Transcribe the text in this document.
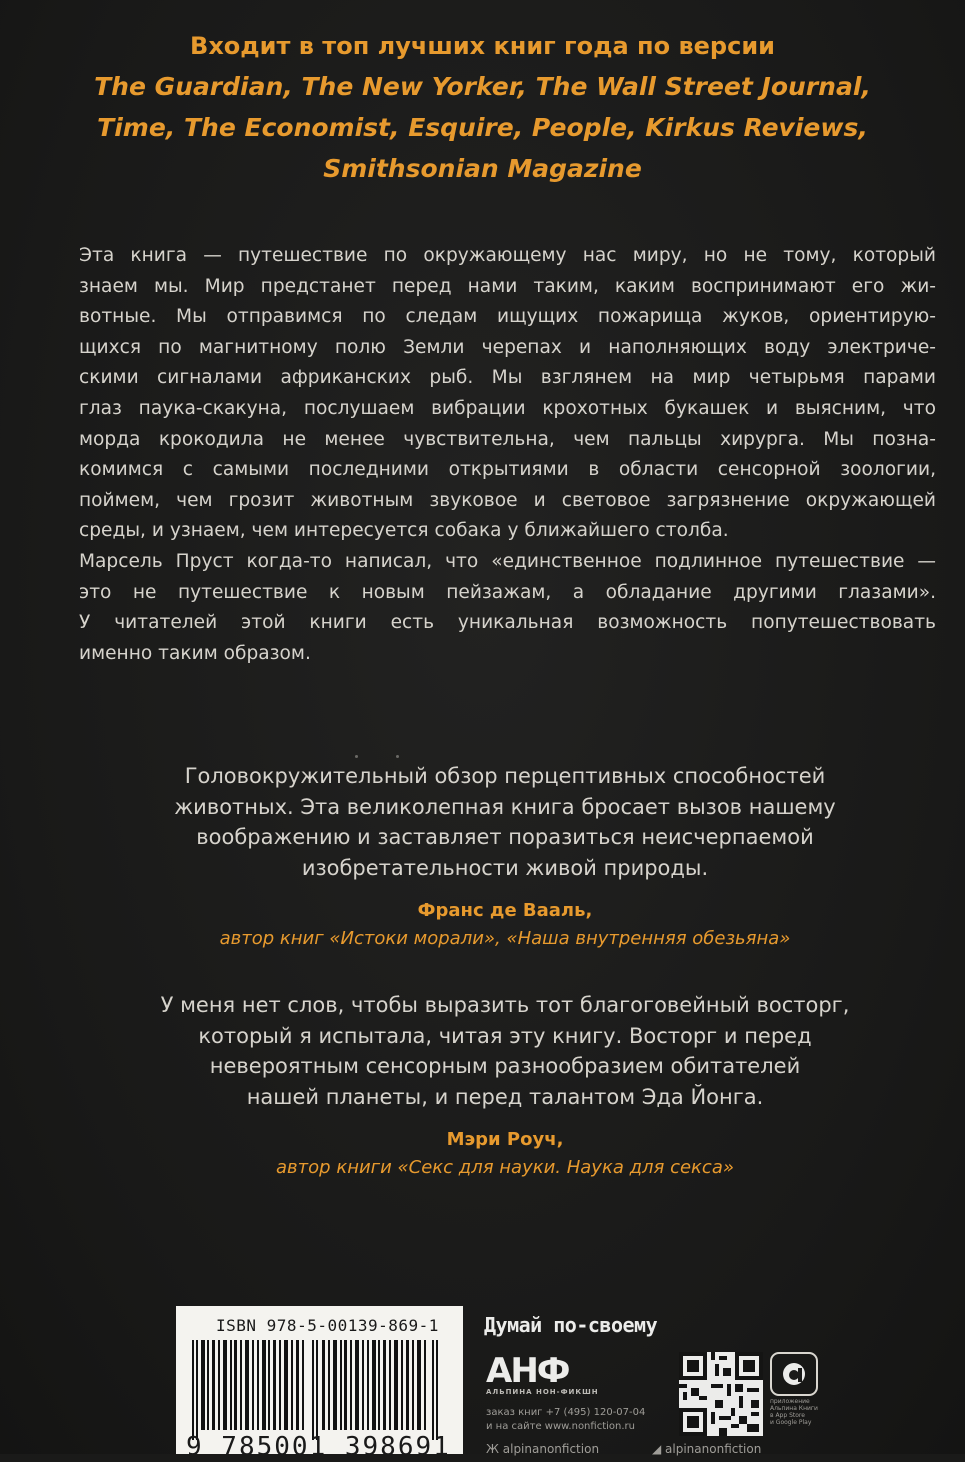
Входит в топ лучших книг года по версии
The Guardian, The New Yorker, The Wall Street Journal,
Time, The Economist, Esquire, People, Kirkus Reviews,
Smithsonian Magazine
Эта книга — путешествие по окружающему нас миру, но не тому, который
знаем мы. Мир предстанет перед нами таким, каким воспринимают его жи-
вотные. Мы отправимся по следам ищущих пожарища жуков, ориентирую-
щихся по магнитному полю Земли черепах и наполняющих воду электриче-
скими сигналами африканских рыб. Мы взглянем на мир четырьмя парами
глаз паука-скакуна, послушаем вибрации крохотных букашек и выясним, что
морда крокодила не менее чувствительна, чем пальцы хирурга. Мы позна-
комимся с самыми последними открытиями в области сенсорной зоологии,
поймем, чем грозит животным звуковое и световое загрязнение окружающей
среды, и узнаем, чем интересуется собака у ближайшего столба.
Марсель Пруст когда-то написал, что «единственное подлинное путешествие —
это не путешествие к новым пейзажам, а обладание другими глазами».
У читателей этой книги есть уникальная возможность попутешествовать
именно таким образом.
Головокружительный обзор перцептивных способностей
животных. Эта великолепная книга бросает вызов нашему
воображению и заставляет поразиться неисчерпаемой
изобретательности живой природы.
Франс де Вааль,
автор книг «Истоки морали», «Наша внутренняя обезьяна»
У меня нет слов, чтобы выразить тот благоговейный восторг,
который я испытала, читая эту книгу. Восторг и перед
невероятным сенсорным разнообразием обитателей
нашей планеты, и перед талантом Эда Йонга.
Мэри Роуч,
автор книги «Секс для науки. Наука для секса»
ISBN 978-5-00139-869-1
9 785001 398691
Думай по-своему
АНФ
АЛЬПИНА НОН-ФИКШН
заказ книг +7 (495) 120-07-04
и на сайте www.nonfiction.ru
Ж alpinanonfiction	◢ alpinanonfiction
приложение
Альпина Книги
в App Store
и Google Play
